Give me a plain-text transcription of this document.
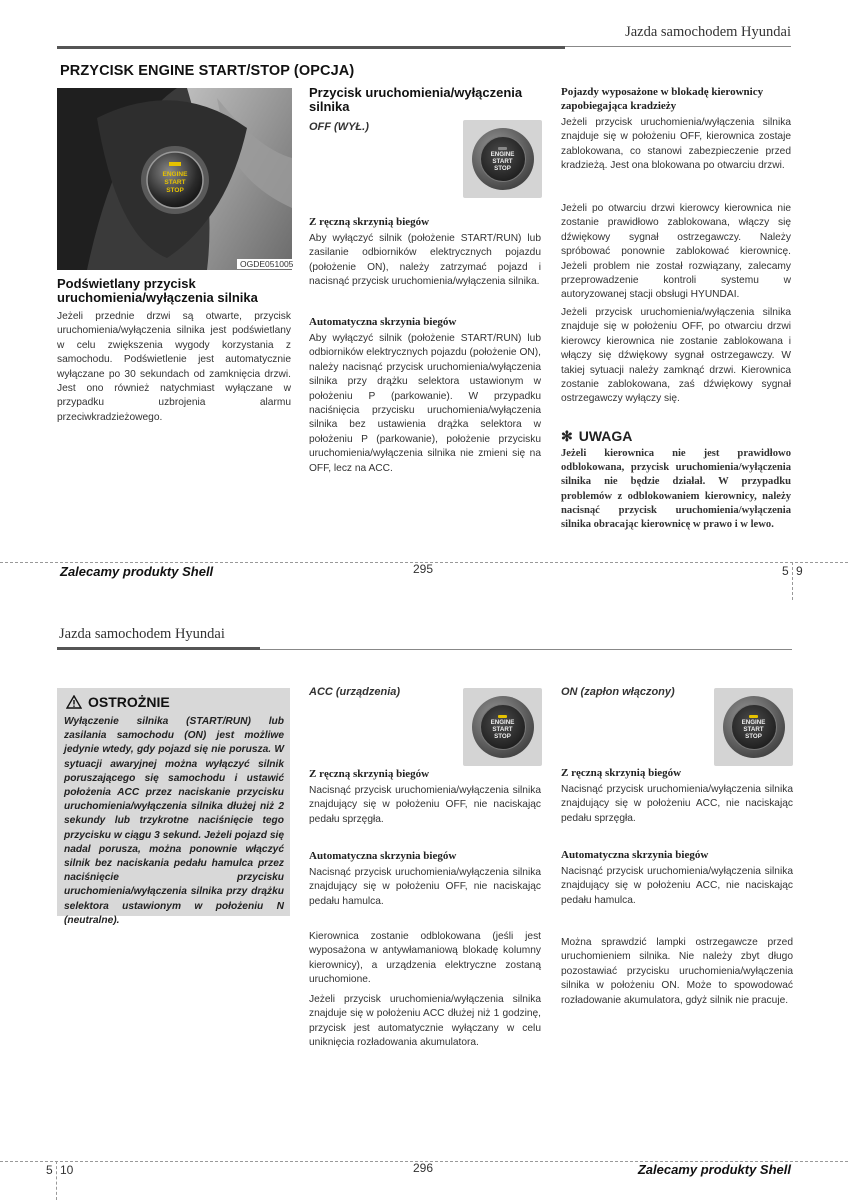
Jazda samochodem Hyundai
PRZYCISK ENGINE START/STOP (OPCJA)
ENGINE
START
STOP
OGDE051005
Podświetlany przycisk uruchomienia/wyłączenia silnika
Jeżeli przednie drzwi są otwarte, przycisk uruchomienia/wyłączenia silnika jest podświetlany w celu zwiększenia wygody korzystania z samochodu. Podświetlenie jest automatycznie wyłączane po 30 sekundach od zamknięcia drzwi. Jest ono również natychmiast wyłączane w przypadku uzbrojenia alarmu przeciwkradzieżowego.
Przycisk uruchomienia/wyłączenia silnika
OFF (WYŁ.)
ENGINE
START
STOP
Z ręczną skrzynią biegów
Aby wyłączyć silnik (położenie START/RUN) lub zasilanie odbiorników elektrycznych pojazdu (położenie ON), należy zatrzymać pojazd i nacisnąć przycisk uruchomienia/wyłączenia silnika.
Automatyczna skrzynia biegów
Aby wyłączyć silnik (położenie START/RUN) lub odbiorników elektrycznych pojazdu (położenie ON), należy nacisnąć przycisk uruchomienia/wyłączenia silnika przy drążku selektora ustawionym w położeniu P (parkowanie). W przypadku naciśnięcia przycisku uruchomienia/wyłączenia silnika bez ustawienia drążka selektora w położeniu P (parkowanie), położenie przycisku uruchomienia/wyłączenia silnika nie zmieni się na OFF, lecz na ACC.
Pojazdy wyposażone w blokadę kierownicy zapobiegająca kradzieży
Jeżeli przycisk uruchomienia/wyłączenia silnika znajduje się w położeniu OFF, kierownica zostaje zablokowana, co stanowi zabezpieczenie przed kradzieżą. Jest ona blokowana po otwarciu drzwi.
Jeżeli po otwarciu drzwi kierowcy kierownica nie zostanie prawidłowo zablokowana, włączy się dźwiękowy sygnał ostrzegawczy. Należy spróbować ponownie zablokować kierownicę. Jeżeli problem nie został rozwiązany, zalecamy przeprowadzenie kontroli systemu w autoryzowanej stacji obsługi HYUNDAI.
Jeżeli przycisk uruchomienia/wyłączenia silnika znajduje się w położeniu OFF, po otwarciu drzwi kierowcy kierownica nie zostanie zablokowana i włączy się dźwiękowy sygnał ostrzegawczy. W takiej sytuacji należy zamknąć drzwi. Kierownica zostanie zablokowana, zaś dźwiękowy sygnał ostrzegawczy wyłączy się.
✻ UWAGA
Jeżeli kierownica nie jest prawidłowo odblokowana, przycisk uruchomienia/wyłączenia silnika nie będzie działał. W przypadku problemów z odblokowaniem kierownicy, należy nacisnąć przycisk uruchomienia/wyłączenia silnika obracając kierownicę w prawo i w lewo.
Zalecamy produkty Shell	295	5 9
Jazda samochodem Hyundai
OSTROŻNIE
Wyłączenie silnika (START/RUN) lub zasilania samochodu (ON) jest możliwe jedynie wtedy, gdy pojazd się nie porusza. W sytuacji awaryjnej można wyłączyć silnik poruszającego się samochodu i ustawić położenia ACC przez naciskanie przycisku uruchomienia/wyłączenia silnika dłużej niż 2 sekundy lub trzykrotne naciśnięcie tego przycisku w ciągu 3 sekund. Jeżeli pojazd się nadal porusza, można ponownie włączyć silnik bez naciskania pedału hamulca przez naciśnięcie przycisku uruchomienia/wyłączenia silnika przy drążku selektora ustawionym w położeniu N (neutralne).
ACC (urządzenia)
ENGINE
START
STOP
Z ręczną skrzynią biegów
Nacisnąć przycisk uruchomienia/wyłączenia silnika znajdujący się w położeniu OFF, nie naciskając pedału sprzęgła.
Automatyczna skrzynia biegów
Nacisnąć przycisk uruchomienia/wyłączenia silnika znajdujący się w położeniu OFF, nie naciskając pedału hamulca.
Kierownica zostanie odblokowana (jeśli jest wyposażona w antywłamaniową blokadę kolumny kierownicy), a urządzenia elektryczne zostaną uruchomione.
Jeżeli przycisk uruchomienia/wyłączenia silnika znajduje się w położeniu ACC dłużej niż 1 godzinę, przycisk jest automatycznie wyłączany w celu uniknięcia rozładowania akumulatora.
ON (zapłon włączony)
ENGINE
START
STOP
Z ręczną skrzynią biegów
Nacisnąć przycisk uruchomienia/wyłączenia silnika znajdujący się w położeniu ACC, nie naciskając pedału sprzęgła.
Automatyczna skrzynia biegów
Nacisnąć przycisk uruchomienia/wyłączenia silnika znajdujący się w położeniu ACC, nie naciskając pedału hamulca.
Można sprawdzić lampki ostrzegawcze przed uruchomieniem silnika. Nie należy zbyt długo pozostawiać przycisku uruchomienia/wyłączenia silnika w położeniu ON. Może to spowodować rozładowanie akumulatora, gdyż silnik nie pracuje.
5 10	296	Zalecamy produkty Shell
